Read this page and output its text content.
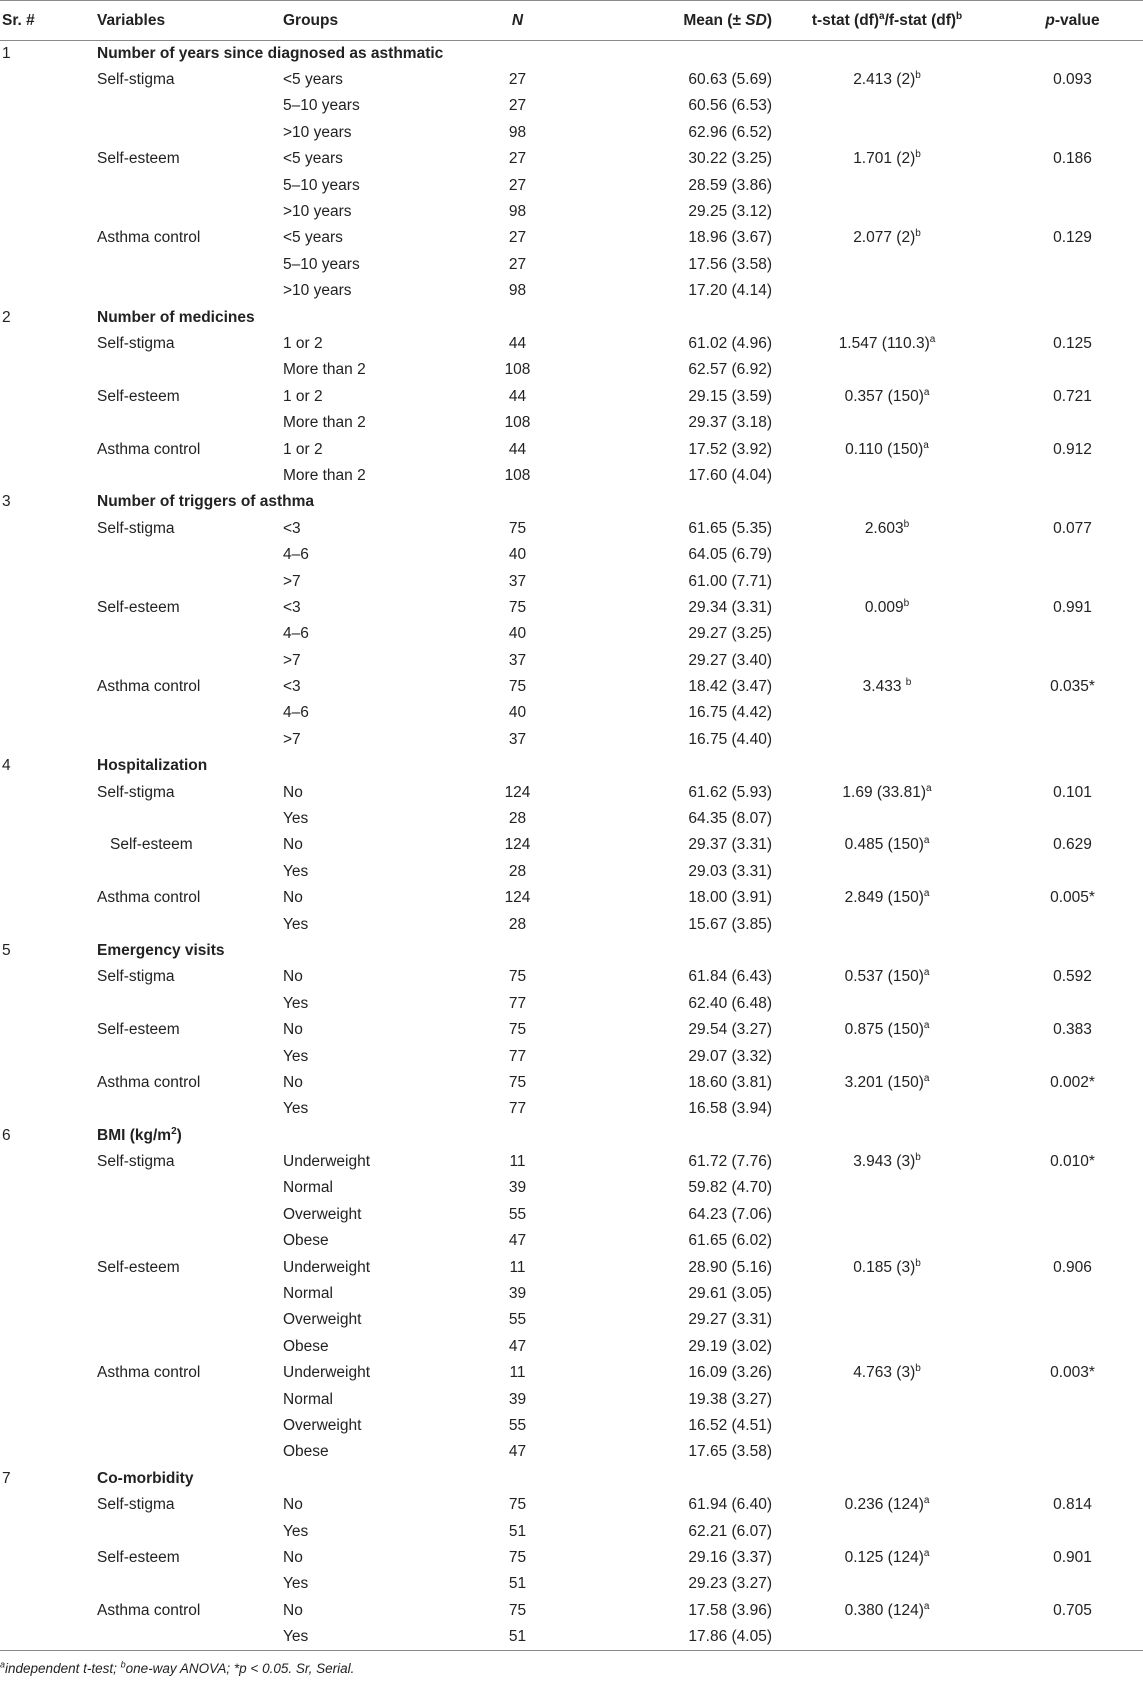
Sr. #	Variables	Groups	N	Mean (± SD)	t-stat (df)$^a$/f-stat (df)$^b$	p-value
1	Number of years since diagnosed as asthmatic					
	Self-stigma	<5 years	27	60.63 (5.69)	2.413 $(2)^b$	0.093
		5–10 years	27	60.56 (6.53)		
		>10 years	98	62.96 (6.52)		
	Self-esteem	<5 years	27	30.22 (3.25)	1.701 $(2)^b$	0.186
		5–10 years	27	28.59 (3.86)		
		>10 years	98	29.25 (3.12)		
	Asthma control	<5 years	27	18.96 (3.67)	2.077 $(2)^b$	0.129
		5–10 years	27	17.56 (3.58)		
		>10 years	98	17.20 (4.14)		
2	Number of medicines					
	Self-stigma	1 or 2	44	61.02 (4.96)	1.547 $(110.3)^a$	0.125
		More than 2	108	62.57 (6.92)		
	Self-esteem	1 or 2	44	29.15 (3.59)	0.357 $(150)^a$	0.721
		More than 2	108	29.37 (3.18)		
	Asthma control	1 or 2	44	17.52 (3.92)	0.110 $(150)^a$	0.912
		More than 2	108	17.60 (4.04)		
3	Number of triggers of asthma					
	Self-stigma	<3	75	61.65 (5.35)	2.603$^b$	0.077
		4–6	40	64.05 (6.79)		
		>7	37	61.00 (7.71)		
	Self-esteem	<3	75	29.34 (3.31)	0.009$^b$	0.991
		4–6	40	29.27 (3.25)		
		>7	37	29.27 (3.40)		
	Asthma control	<3	75	18.42 (3.47)	3.433 $^b$	0.035*
		4–6	40	16.75 (4.42)		
		>7	37	16.75 (4.40)		
4	Hospitalization					
	Self-stigma	No	124	61.62 (5.93)	1.69 $(33.81)^a$	0.101
		Yes	28	64.35 (8.07)		
	Self-esteem	No	124	29.37 (3.31)	0.485 $(150)^a$	0.629
		Yes	28	29.03 (3.31)		
	Asthma control	No	124	18.00 (3.91)	2.849 $(150)^a$	0.005*
		Yes	28	15.67 (3.85)		
5	Emergency visits					
	Self-stigma	No	75	61.84 (6.43)	0.537 $(150)^a$	0.592
		Yes	77	62.40 (6.48)		
	Self-esteem	No	75	29.54 (3.27)	0.875 $(150)^a$	0.383
		Yes	77	29.07 (3.32)		
	Asthma control	No	75	18.60 (3.81)	3.201 $(150)^a$	0.002*
		Yes	77	16.58 (3.94)		
6	BMI $(kg/m^2)$					
	Self-stigma	Underweight	11	61.72 (7.76)	3.943 $(3)^b$	0.010*
		Normal	39	59.82 (4.70)		
		Overweight	55	64.23 (7.06)		
		Obese	47	61.65 (6.02)		
	Self-esteem	Underweight	11	28.90 (5.16)	0.185 $(3)^b$	0.906
		Normal	39	29.61 (3.05)		
		Overweight	55	29.27 (3.31)		
		Obese	47	29.19 (3.02)		
	Asthma control	Underweight	11	16.09 (3.26)	4.763 $(3)^b$	0.003*
		Normal	39	19.38 (3.27)		
		Overweight	55	16.52 (4.51)		
		Obese	47	17.65 (3.58)		
7	Co-morbidity					
	Self-stigma	No	75	61.94 (6.40)	0.236 $(124)^a$	0.814
		Yes	51	62.21 (6.07)		
	Self-esteem	No	75	29.16 (3.37)	0.125 $(124)^a$	0.901
		Yes	51	29.23 (3.27)		
	Asthma control	No	75	17.58 (3.96)	0.380 $(124)^a$	0.705
		Yes	51	17.86 (4.05)		
$^a$independent t-test; $^b$one-way ANOVA; *p < 0.05. Sr, Serial.
